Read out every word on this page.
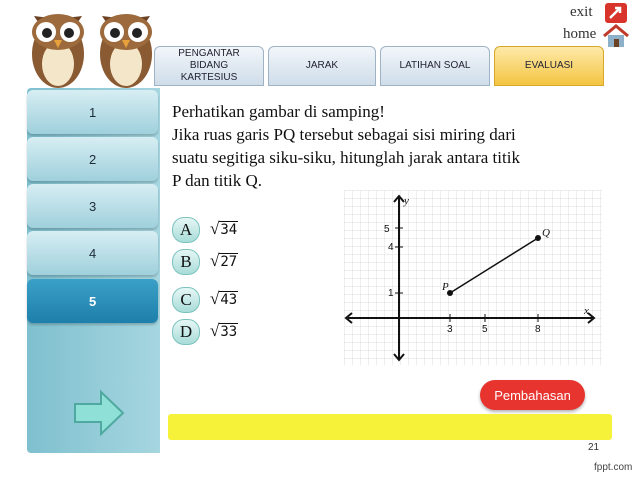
exit
home
PENGANTAR
BIDANG
KARTESIUS
JARAK	LATIHAN SOAL	EVALUASI
1
2
3
4
5
Perhatikan gambar di samping!
Jika ruas garis PQ tersebut sebagai sisi miring dari
suatu segitiga siku-siku, hitunglah jarak antara titik
P dan titik Q.
A	√34
B	√27
C	√43
D	√33
y
x
5
4
1
3	5	8
P
Q
Pembahasan
21
fppt.com
